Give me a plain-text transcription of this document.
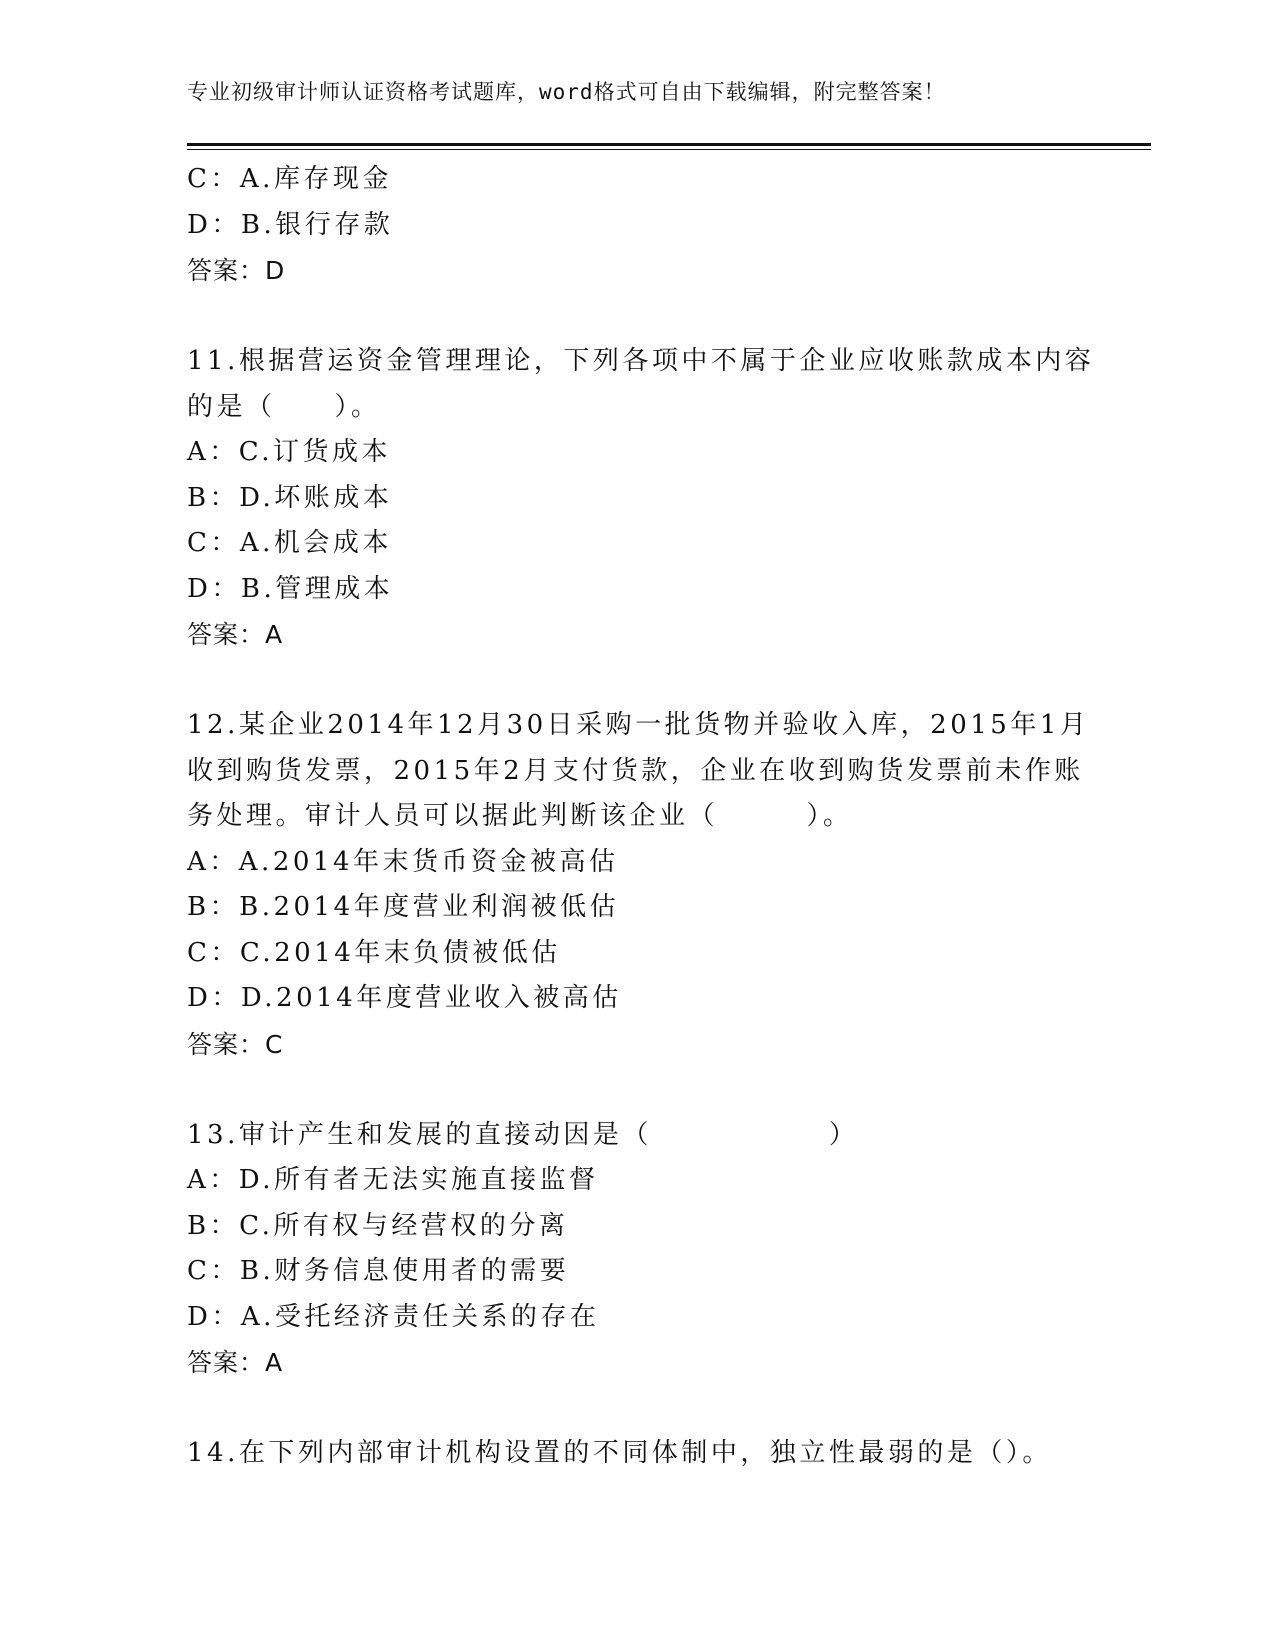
专业初级审计师认证资格考试题库，word格式可自由下载编辑，附完整答案！
C：A.库存现金
D：B.银行存款
答案：D
11.根据营运资金管理理论，下列各项中不属于企业应收账款成本内容
的是（　　）。
A：C.订货成本
B：D.坏账成本
C：A.机会成本
D：B.管理成本
答案：A
12.某企业2014年12月30日采购一批货物并验收入库，2015年1月
收到购货发票，2015年2月支付货款，企业在收到购货发票前未作账
务处理。审计人员可以据此判断该企业（　　　）。
A：A.2014年末货币资金被高估
B：B.2014年度营业利润被低估
C：C.2014年末负债被低估
D：D.2014年度营业收入被高估
答案：C
13.审计产生和发展的直接动因是（　　　　　　）
A：D.所有者无法实施直接监督
B：C.所有权与经营权的分离
C：B.财务信息使用者的需要
D：A.受托经济责任关系的存在
答案：A
14.在下列内部审计机构设置的不同体制中，独立性最弱的是（）。
